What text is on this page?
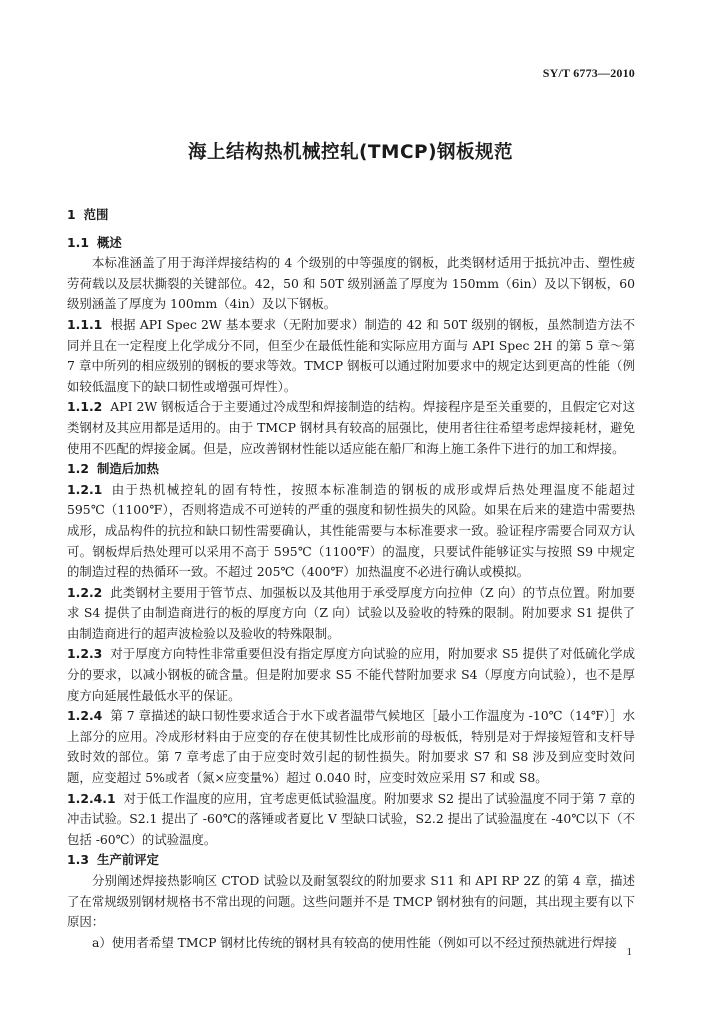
SY/T 6773—2010
海上结构热机械控轧(TMCP)钢板规范
1 范围
1.1 概述

本标准涵盖了用于海洋焊接结构的 4 个级别的中等强度的钢板，此类钢材适用于抵抗冲击、塑性疲劳荷载以及层状撕裂的关键部位。42，50 和 50T 级别涵盖了厚度为 150mm（6in）及以下钢板，60 级别涵盖了厚度为 100mm（4in）及以下钢板。

1.1.1 根据 API Spec 2W 基本要求（无附加要求）制造的 42 和 50T 级别的钢板，虽然制造方法不同并且在一定程度上化学成分不同，但至少在最低性能和实际应用方面与 API Spec 2H 的第 5 章～第 7 章中所列的相应级别的钢板的要求等效。TMCP 钢板可以通过附加要求中的规定达到更高的性能（例如较低温度下的缺口韧性或增强可焊性）。

1.1.2 API 2W 钢板适合于主要通过冷成型和焊接制造的结构。焊接程序是至关重要的，且假定它对这类钢材及其应用都是适用的。由于 TMCP 钢材具有较高的屈强比，使用者往往希望考虑焊接耗材，避免使用不匹配的焊接金属。但是，应改善钢材性能以适应能在船厂和海上施工条件下进行的加工和焊接。

1.2 制造后加热

1.2.1 由于热机械控轧的固有特性，按照本标准制造的钢板的成形或焊后热处理温度不能超过 595℃（1100℉），否则将造成不可逆转的严重的强度和韧性损失的风险。如果在后来的建造中需要热成形，成品构件的抗拉和缺口韧性需要确认，其性能需要与本标准要求一致。验证程序需要合同双方认可。钢板焊后热处理可以采用不高于 595℃（1100℉）的温度，只要试件能够证实与按照 S9 中规定的制造过程的热循环一致。不超过 205℃（400℉）加热温度不必进行确认或模拟。

1.2.2 此类钢材主要用于管节点、加强板以及其他用于承受厚度方向拉伸（Z 向）的节点位置。附加要求 S4 提供了由制造商进行的板的厚度方向（Z 向）试验以及验收的特殊的限制。附加要求 S1 提供了由制造商进行的超声波检验以及验收的特殊限制。

1.2.3 对于厚度方向特性非常重要但没有指定厚度方向试验的应用，附加要求 S5 提供了对低硫化学成分的要求，以减小钢板的硫含量。但是附加要求 S5 不能代替附加要求 S4（厚度方向试验），也不是厚度方向延展性最低水平的保证。

1.2.4 第 7 章描述的缺口韧性要求适合于水下或者温带气候地区［最小工作温度为 -10℃（14℉）］水上部分的应用。冷成形材料由于应变的存在使其韧性比成形前的母板低，特别是对于焊接短管和支杆导致时效的部位。第 7 章考虑了由于应变时效引起的韧性损失。附加要求 S7 和 S8 涉及到应变时效问题，应变超过 5%或者（氮×应变量%）超过 0.040 时，应变时效应采用 S7 和或 S8。

1.2.4.1 对于低工作温度的应用，宜考虑更低试验温度。附加要求 S2 提出了试验温度不同于第 7 章的冲击试验。S2.1 提出了 -60℃的落锤或者夏比 V 型缺口试验，S2.2 提出了试验温度在 -40℃以下（不包括 -60℃）的试验温度。

1.3 生产前评定

分别阐述焊接热影响区 CTOD 试验以及耐氢裂纹的附加要求 S11 和 API RP 2Z 的第 4 章，描述了在常规级别钢材规格书不常出现的问题。这些问题并不是 TMCP 钢材独有的问题，其出现主要有以下原因：

a）使用者希望 TMCP 钢材比传统的钢材具有较高的使用性能（例如可以不经过预热就进行焊接

1
